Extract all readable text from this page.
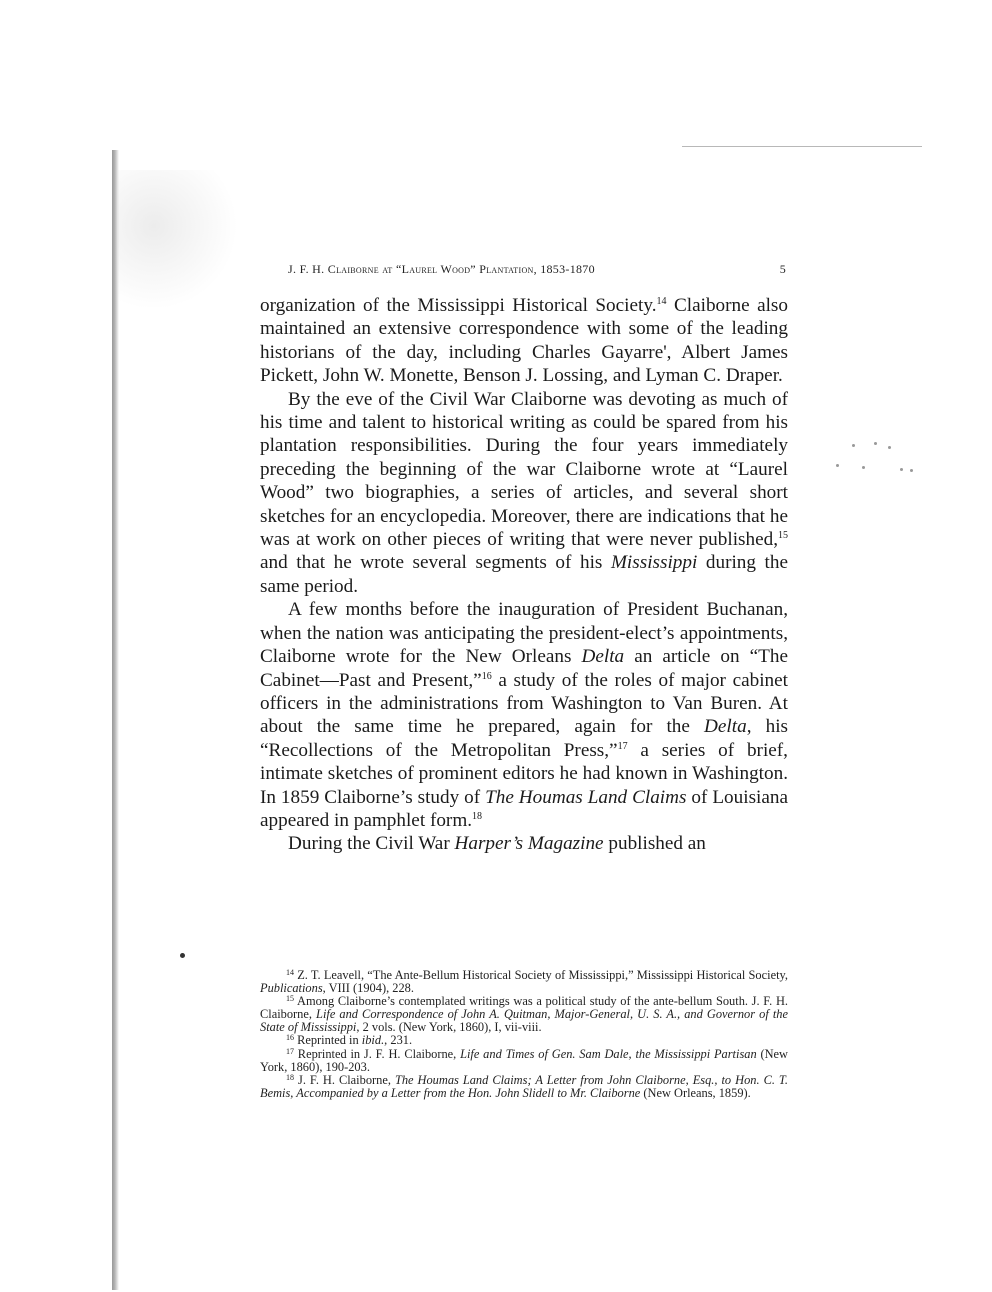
J. F. H. Claiborne at “Laurel Wood” Plantation, 1853-1870	5

organization of the Mississippi Historical Society.$^{14}$ Claiborne also maintained an extensive correspondence with some of the leading historians of the day, including Charles Gayarre', Albert James Pickett, John W. Monette, Benson J. Lossing, and Lyman C. Draper.

By the eve of the Civil War Claiborne was devoting as much of his time and talent to historical writing as could be spared from his plantation responsibilities. During the four years immediately preceding the beginning of the war Claiborne wrote at “Laurel Wood” two biographies, a series of articles, and several short sketches for an encyclopedia. Moreover, there are indications that he was at work on other pieces of writing that were never published,$^{15}$ and that he wrote several segments of his Mississippi during the same period.

A few months before the inauguration of President Buchanan, when the nation was anticipating the president-elect’s appointments, Claiborne wrote for the New Orleans Delta an article on “The Cabinet—Past and Present,”$^{16}$ a study of the roles of major cabinet officers in the administrations from Washington to Van Buren. At about the same time he prepared, again for the Delta, his “Recollections of the Metropolitan Press,”$^{17}$ a series of brief, intimate sketches of prominent editors he had known in Washington. In 1859 Claiborne’s study of The Houmas Land Claims of Louisiana appeared in pamphlet form.$^{18}$

During the Civil War Harper’s Magazine published an

$^{14}$ Z. T. Leavell, “The Ante-Bellum Historical Society of Mississippi,” Mississippi Historical Society, Publications, VIII (1904), 228.

$^{15}$ Among Claiborne’s contemplated writings was a political study of the ante-bellum South. J. F. H. Claiborne, Life and Correspondence of John A. Quitman, Major-General, U. S. A., and Governor of the State of Mississippi, 2 vols. (New York, 1860), I, vii-viii.

$^{16}$ Reprinted in ibid., 231.

$^{17}$ Reprinted in J. F. H. Claiborne, Life and Times of Gen. Sam Dale, the Mississippi Partisan (New York, 1860), 190-203.

$^{18}$ J. F. H. Claiborne, The Houmas Land Claims; A Letter from John Claiborne, Esq., to Hon. C. T. Bemis, Accompanied by a Letter from the Hon. John Slidell to Mr. Claiborne (New Orleans, 1859).
